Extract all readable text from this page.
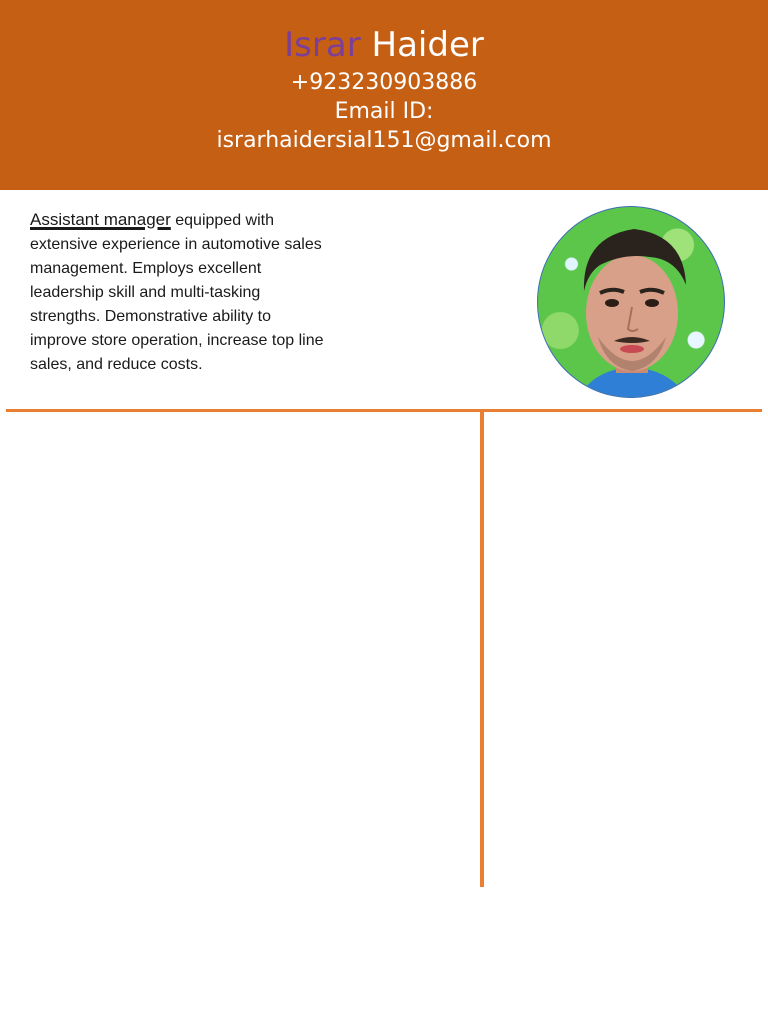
Israr Haider
+923230903886
Email ID:
israrhaidersial151@gmail.com
Assistant manager equipped with extensive experience in automotive sales management. Employs excellent leadership skill and multi-tasking strengths. Demonstrative ability to improve store operation, increase top line sales, and reduce costs.
